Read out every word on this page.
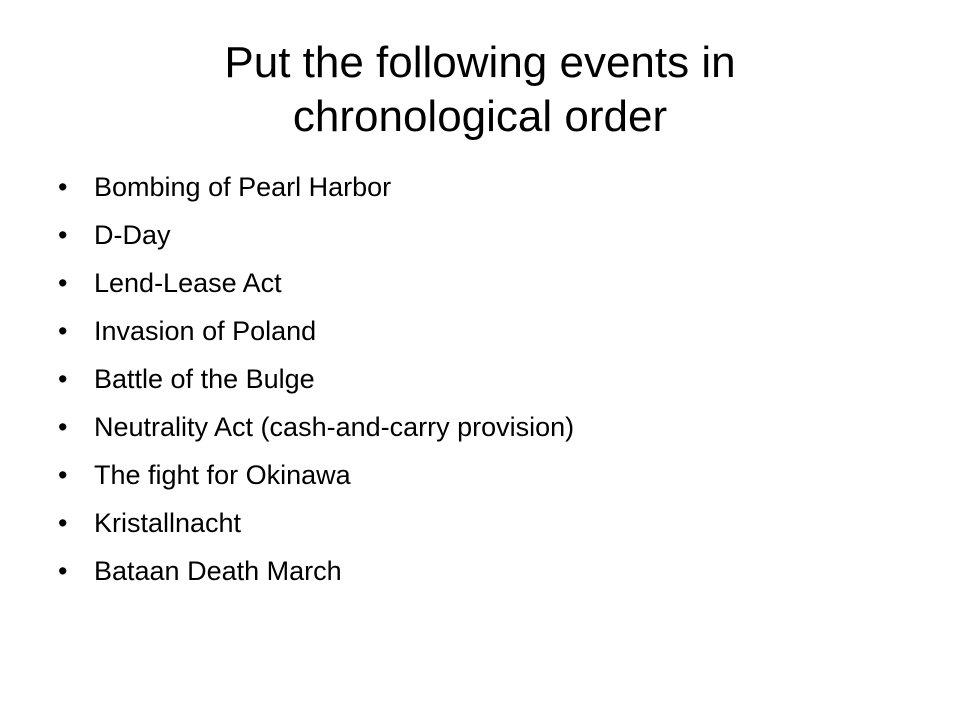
Put the following events in chronological order
• Bombing of Pearl Harbor
• D-Day
• Lend-Lease Act
• Invasion of Poland
• Battle of the Bulge
• Neutrality Act (cash-and-carry provision)
• The fight for Okinawa
• Kristallnacht
• Bataan Death March
